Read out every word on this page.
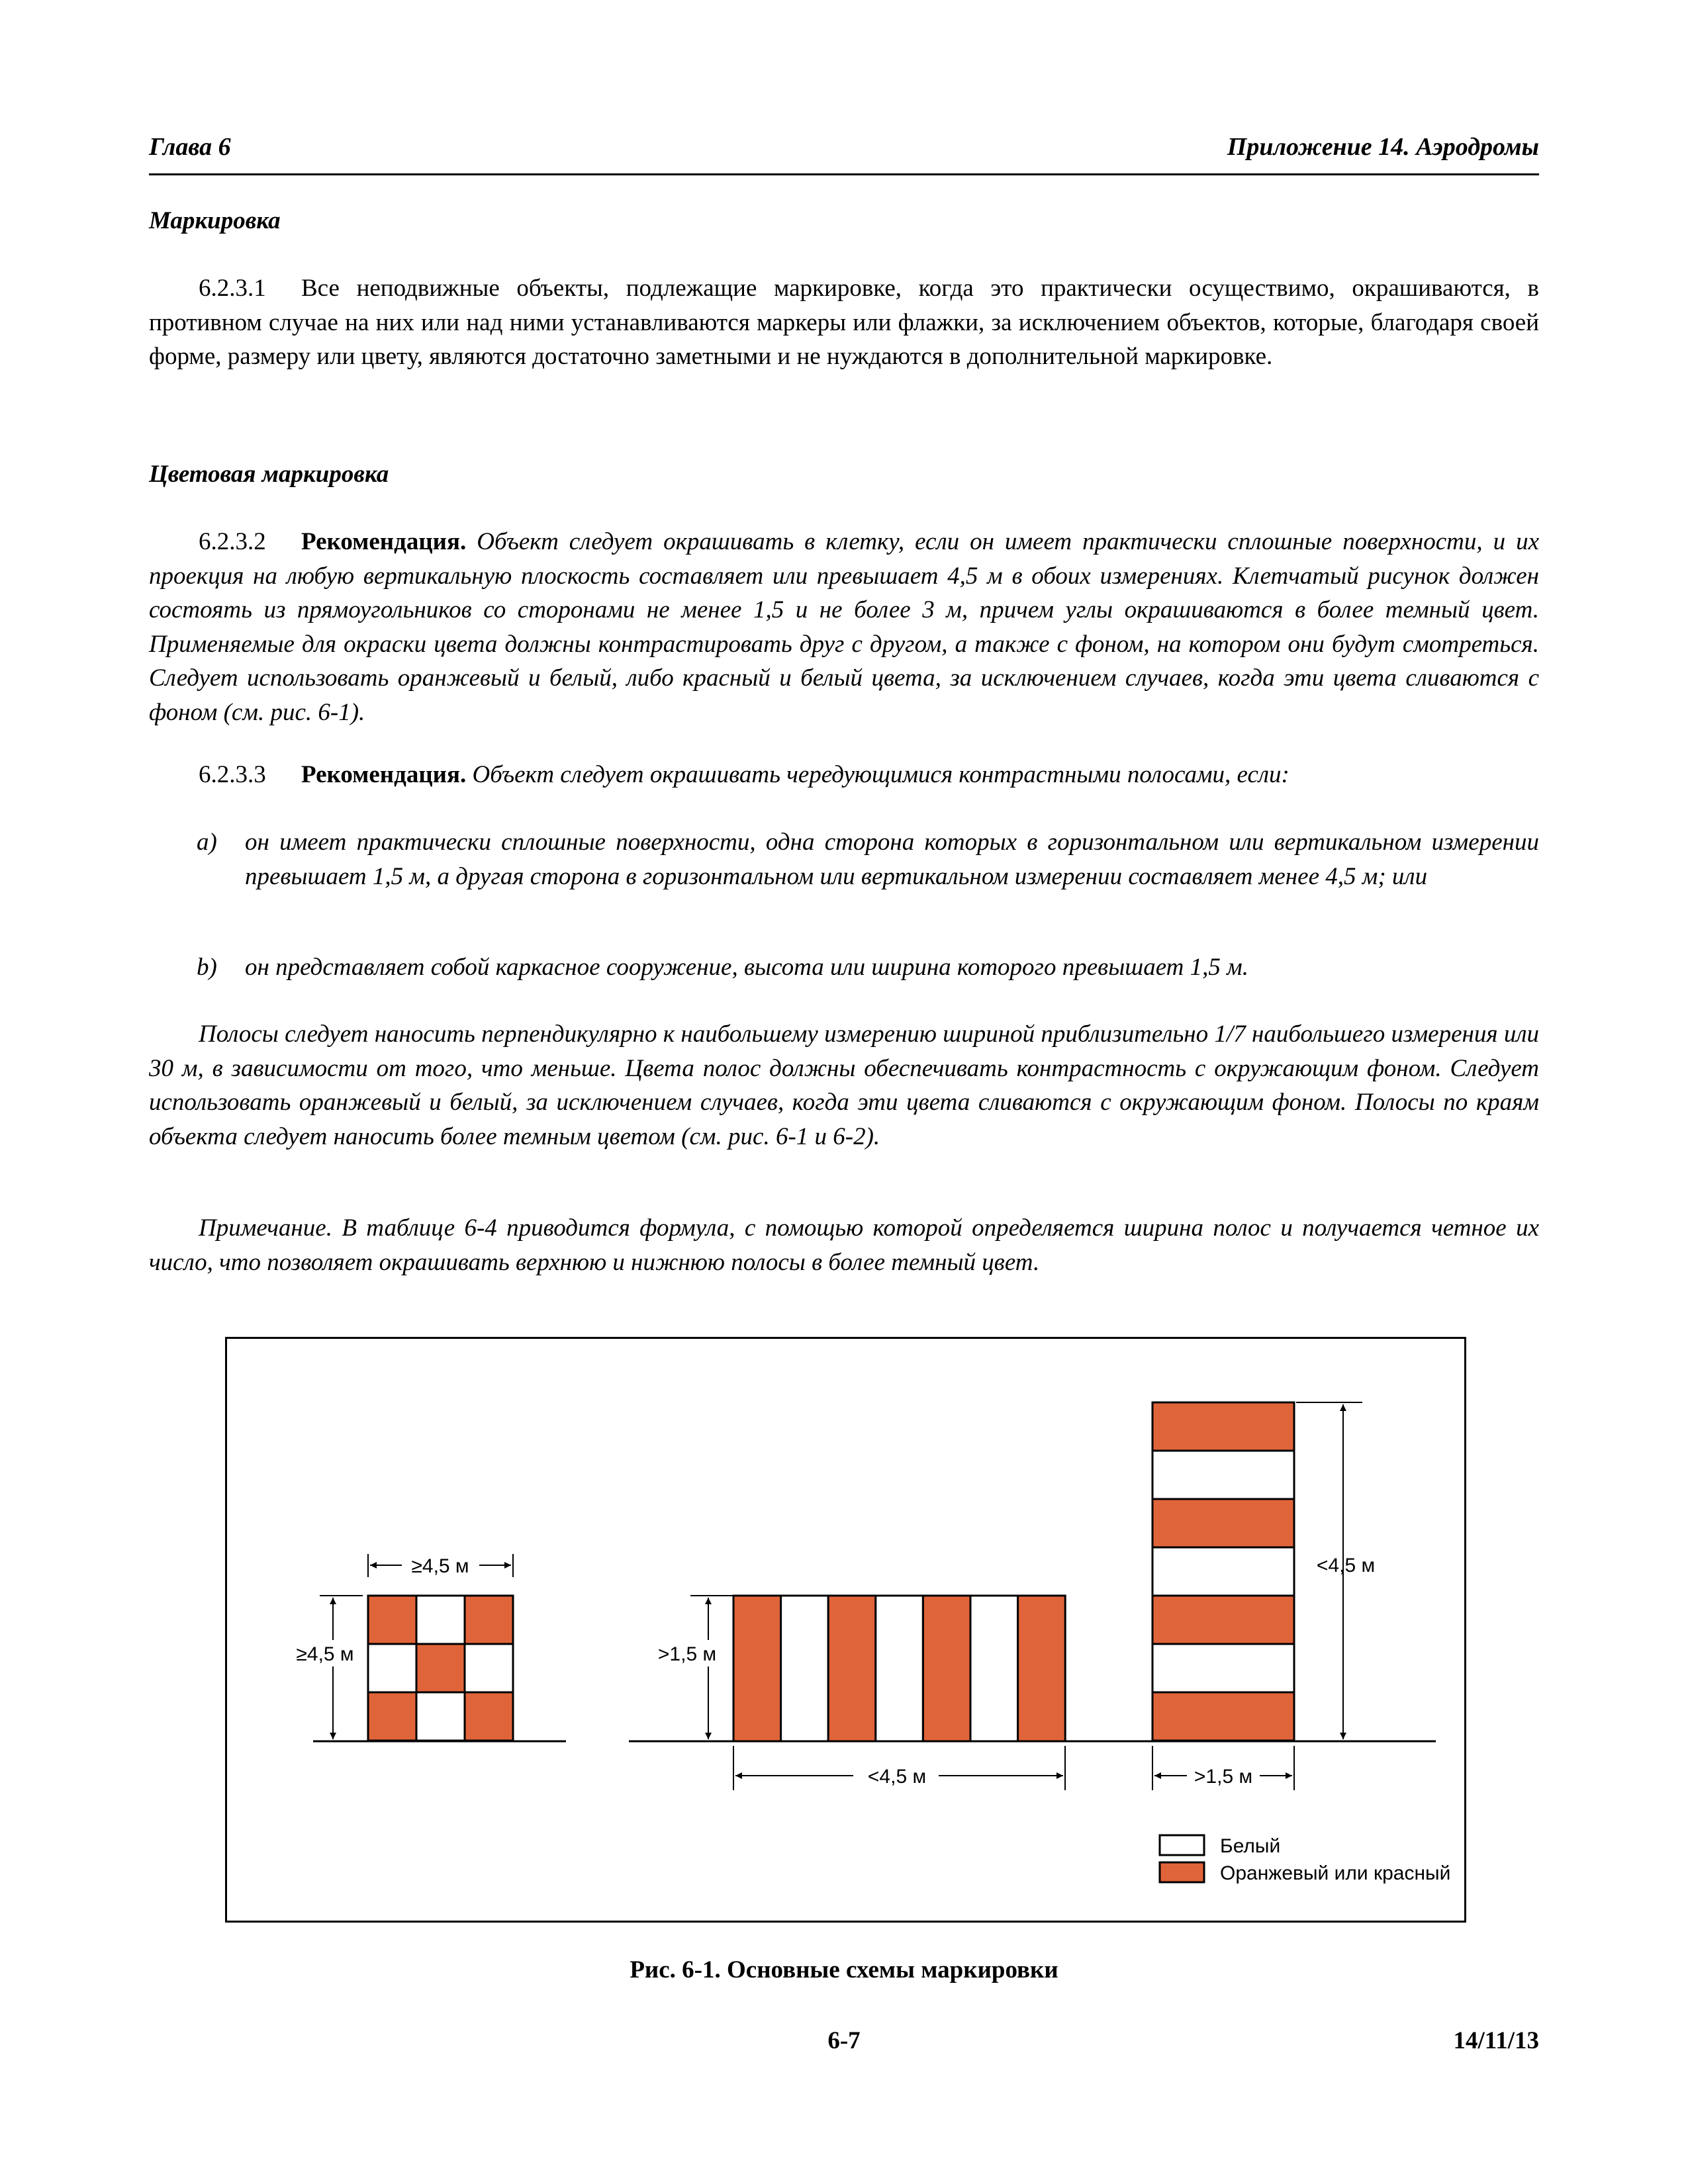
Глава 6	Приложение 14. Аэродромы
Маркировка
6.2.3.1 Все неподвижные объекты, подлежащие маркировке, когда это практически осуществимо, окрашиваются, в противном случае на них или над ними устанавливаются маркеры или флажки, за исключением объектов, которые, благодаря своей форме, размеру или цвету, являются достаточно заметными и не нуждаются в дополнительной маркировке.
Цветовая маркировка
6.2.3.2 Рекомендация. Объект следует окрашивать в клетку, если он имеет практически сплошные поверхности, и их проекция на любую вертикальную плоскость составляет или превышает 4,5 м в обоих измерениях. Клетчатый рисунок должен состоять из прямоугольников со сторонами не менее 1,5 и не более 3 м, причем углы окрашиваются в более темный цвет. Применяемые для окраски цвета должны контрастировать друг с другом, а также с фоном, на котором они будут смотреться. Следует использовать оранжевый и белый, либо красный и белый цвета, за исключением случаев, когда эти цвета сливаются с фоном (см. рис. 6-1).
6.2.3.3 Рекомендация. Объект следует окрашивать чередующимися контрастными полосами, если:
a) он имеет практически сплошные поверхности, одна сторона которых в горизонтальном или вертикальном измерении превышает 1,5 м, а другая сторона в горизонтальном или вертикальном измерении составляет менее 4,5 м; или
b) он представляет собой каркасное сооружение, высота или ширина которого превышает 1,5 м.
Полосы следует наносить перпендикулярно к наибольшему измерению шириной приблизительно 1/7 наибольшего измерения или 30 м, в зависимости от того, что меньше. Цвета полос должны обеспечивать контрастность с окружающим фоном. Следует использовать оранжевый и белый, за исключением случаев, когда эти цвета сливаются с окружающим фоном. Полосы по краям объекта следует наносить более темным цветом (см. рис. 6-1 и 6-2).
Примечание. В таблице 6-4 приводится формула, с помощью которой определяется ширина полос и получается четное их число, что позволяет окрашивать верхнюю и нижнюю полосы в более темный цвет.
≥4,5 м
≥4,5 м	>1,5 м
<4,5 м
<4,5 м
>1,5 м
Белый
Оранжевый или красный
Рис. 6-1. Основные схемы маркировки
6-7	14/11/13
